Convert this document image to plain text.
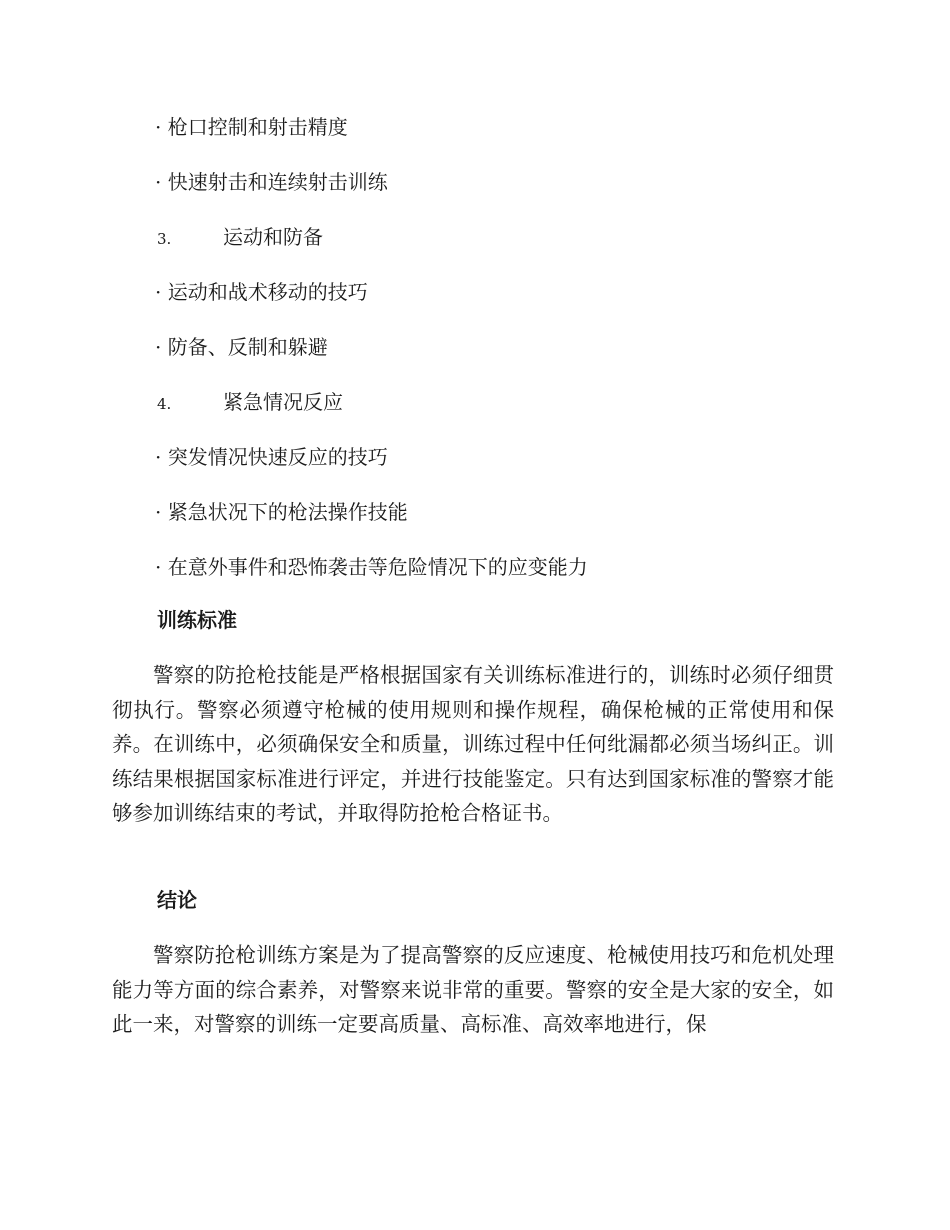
· 枪口控制和射击精度
· 快速射击和连续射击训练
3.	运动和防备
· 运动和战术移动的技巧
· 防备、反制和躲避
4.	紧急情况反应
· 突发情况快速反应的技巧
· 紧急状况下的枪法操作技能
· 在意外事件和恐怖袭击等危险情况下的应变能力
训练标准
警察的防抢枪技能是严格根据国家有关训练标准进行的，训练时必须仔细贯彻执行。警察必须遵守枪械的使用规则和操作规程，确保枪械的正常使用和保养。在训练中，必须确保安全和质量，训练过程中任何纰漏都必须当场纠正。训练结果根据国家标准进行评定，并进行技能鉴定。只有达到国家标准的警察才能够参加训练结束的考试，并取得防抢枪合格证书。
结论
警察防抢枪训练方案是为了提高警察的反应速度、枪械使用技巧和危机处理能力等方面的综合素养，对警察来说非常的重要。警察的安全是大家的安全，如此一来，对警察的训练一定要高质量、高标准、高效率地进行，保
